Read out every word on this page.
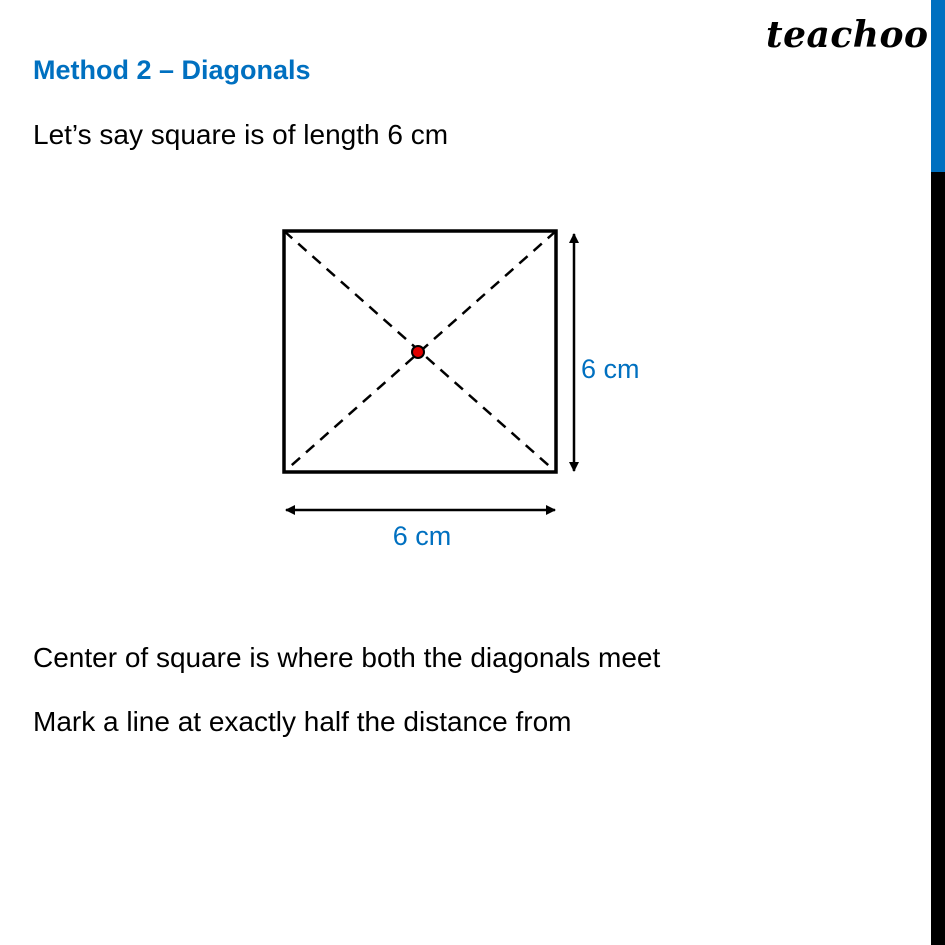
teachoo
Method 2 – Diagonals
Let’s say square is of length 6 cm
6 cm
6 cm
Center of square is where both the diagonals meet
Mark a line at exactly half the distance from
